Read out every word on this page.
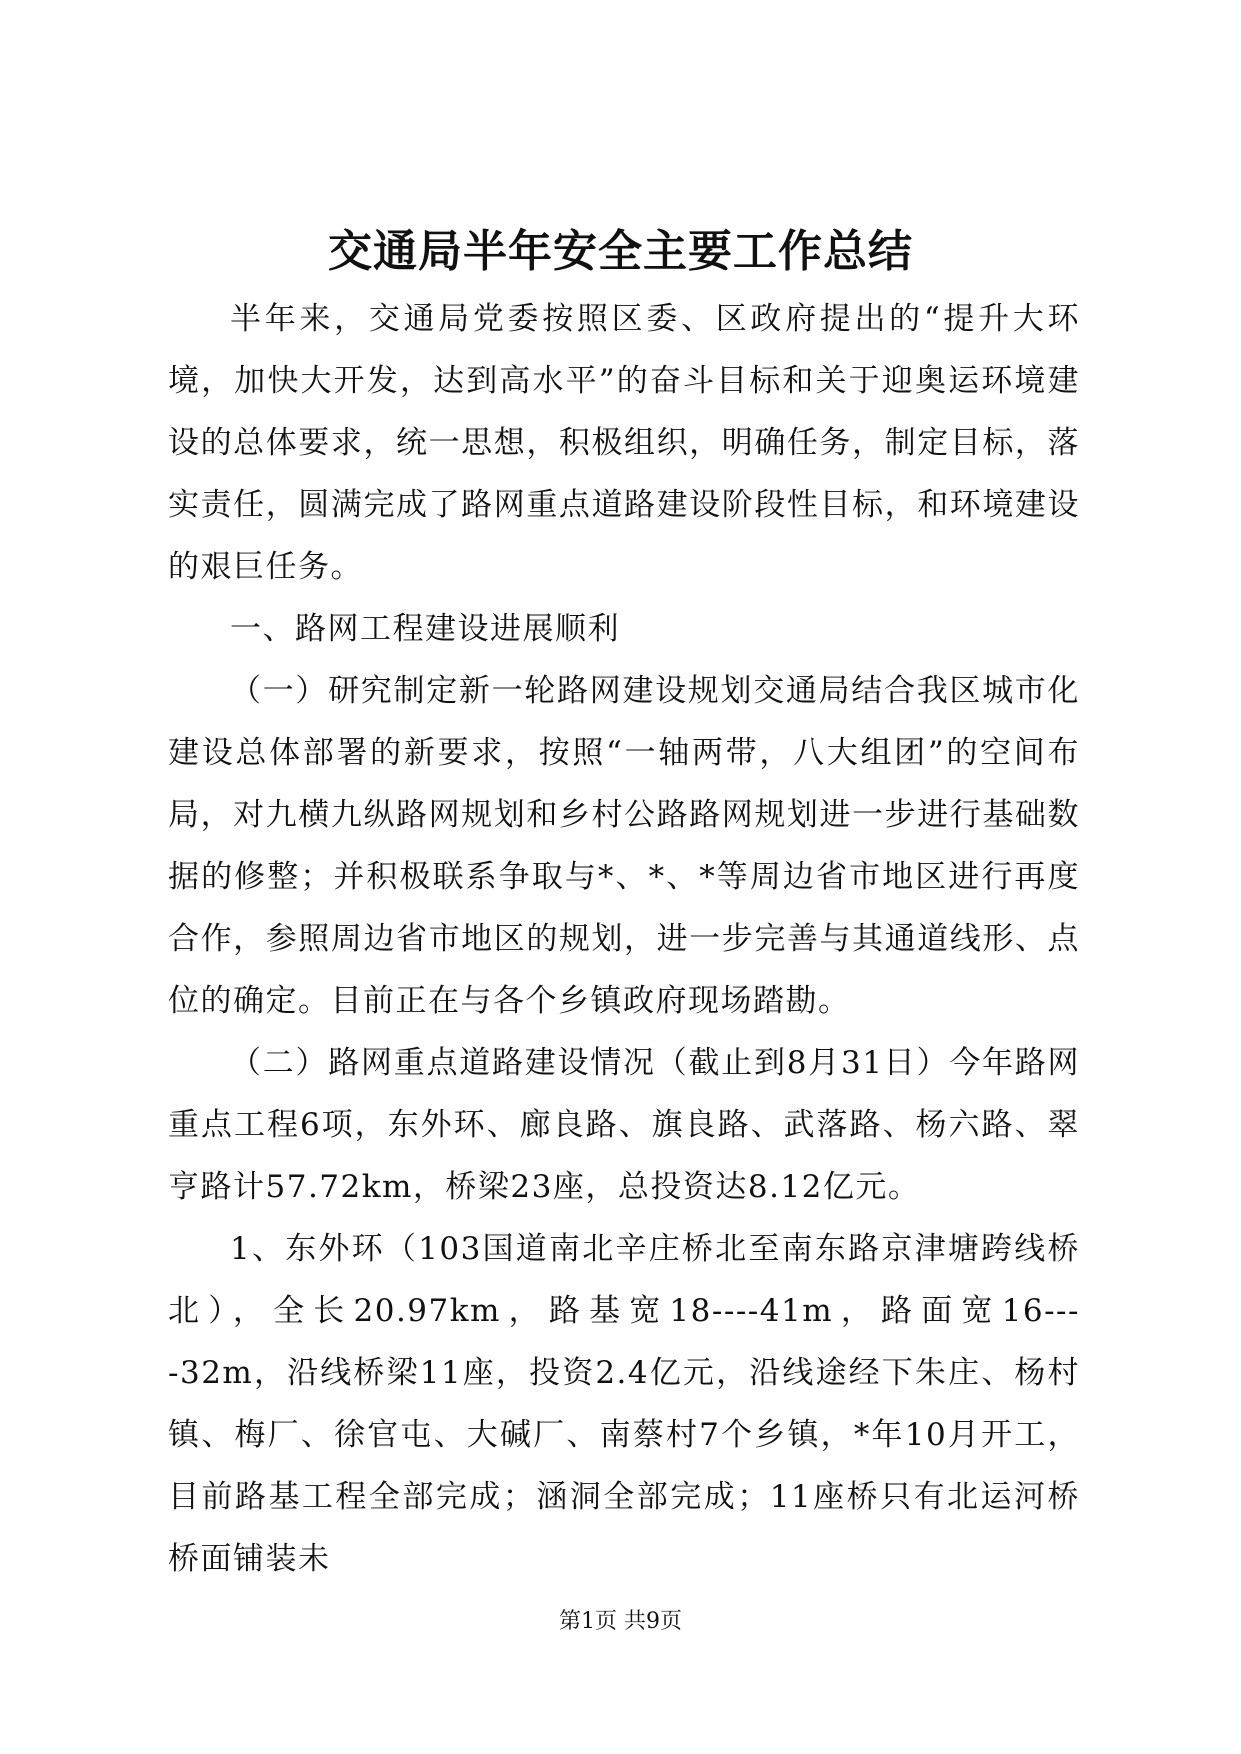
交通局半年安全主要工作总结

半年来，交通局党委按照区委、区政府提出的“提升大环境，加快大开发，达到高水平”的奋斗目标和关于迎奥运环境建设的总体要求，统一思想，积极组织，明确任务，制定目标，落实责任，圆满完成了路网重点道路建设阶段性目标，和环境建设的艰巨任务。

一、路网工程建设进展顺利

（一）研究制定新一轮路网建设规划交通局结合我区城市化建设总体部署的新要求，按照“一轴两带，八大组团”的空间布局，对九横九纵路网规划和乡村公路路网规划进一步进行基础数据的修整；并积极联系争取与*、*、*等周边省市地区进行再度合作，参照周边省市地区的规划，进一步完善与其通道线形、点位的确定。目前正在与各个乡镇政府现场踏勘。

（二）路网重点道路建设情况（截止到8月31日）今年路网重点工程6项，东外环、廊良路、旗良路、武落路、杨六路、翠亨路计57.72km，桥梁23座，总投资达8.12亿元。

1、东外环（103国道南北辛庄桥北至南东路京津塘跨线桥北），全长20.97km，路基宽18----41m，路面宽16----32m，沿线桥梁11座，投资2.4亿元，沿线途经下朱庄、杨村镇、梅厂、徐官屯、大碱厂、南蔡村7个乡镇，*年10月开工，目前路基工程全部完成；涵洞全部完成；11座桥只有北运河桥桥面铺装未

第1页 共9页
